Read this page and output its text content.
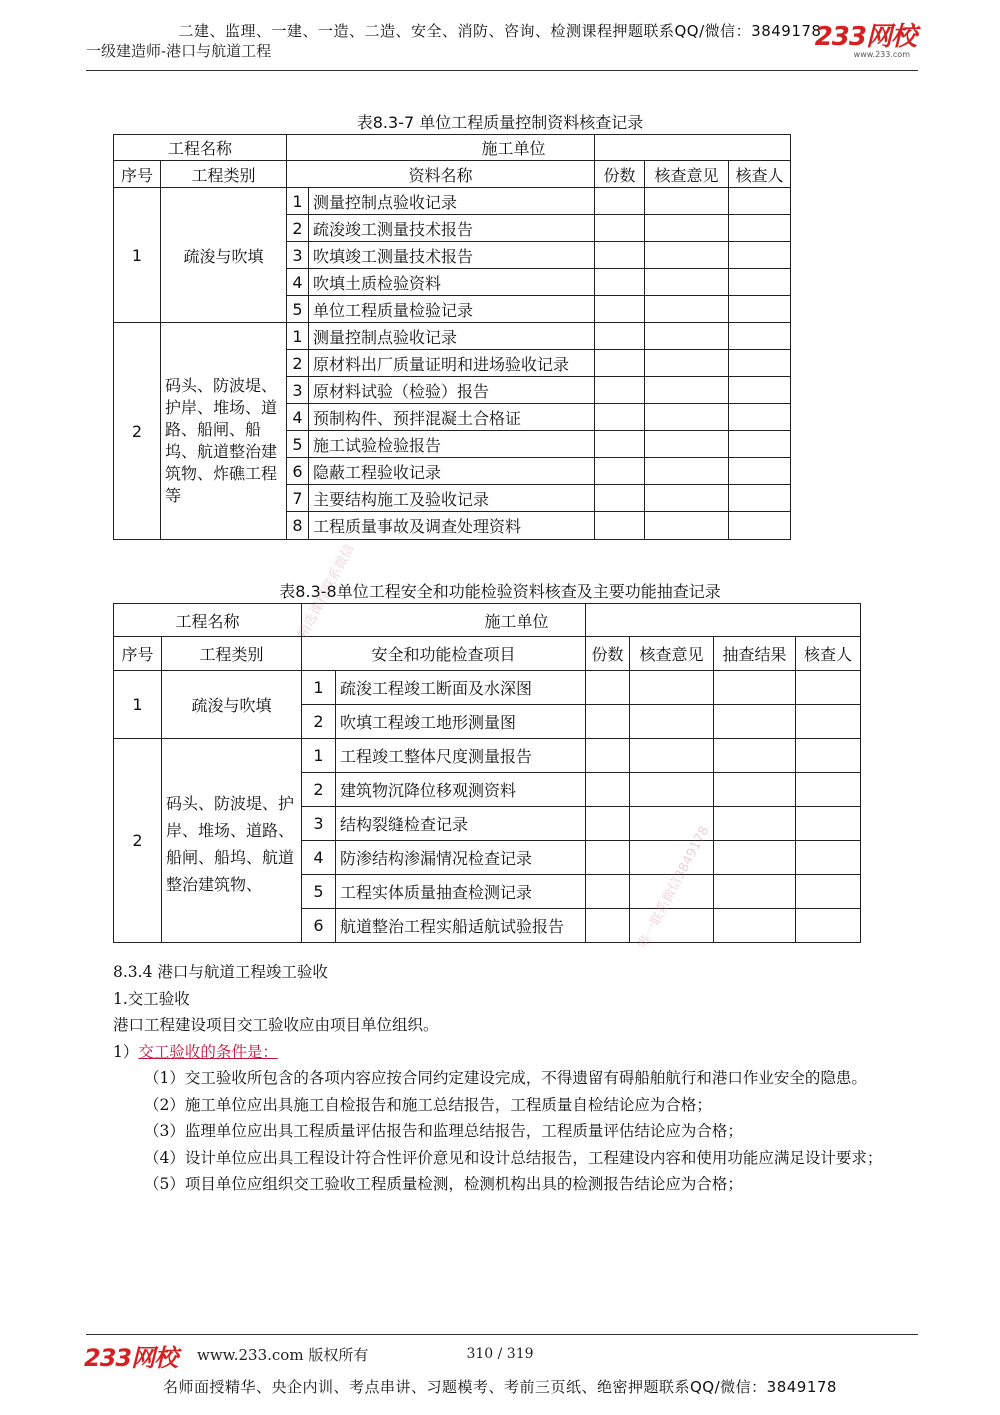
二建、监理、一建、一造、二造、安全、消防、咨询、检测课程押题联系QQ/微信：3849178
一级建造师-港口与航道工程	233网校
www.233.com
表8.3-7 单位工程质量控制资料核查记录
工程名称		施工单位				
序号	工程类别	资料名称		份数	核查意见	核查人
1	疏浚与吹填	1	测量控制点验收记录			
		2	疏浚竣工测量技术报告			
		3	吹填竣工测量技术报告			
		4	吹填土质检验资料			
		5	单位工程质量检验记录			
2	码头、防波堤、护岸、堆场、道路、船闸、船坞、航道整治建筑物、炸礁工程等	1	测量控制点验收记录			
		2	原材料出厂质量证明和进场验收记录			
		3	原材料试验（检验）报告			
		4	预制构件、预拌混凝土合格证			
		5	施工试验检验报告			
		6	隐蔽工程验收记录			
		7	主要结构施工及验收记录			
		8	工程质量事故及调查处理资料			
表8.3-8单位工程安全和功能检验资料核查及主要功能抽查记录
工程名称		施工单位					
序号	工程类别	安全和功能检查项目		份数	核查意见	抽查结果	核查人
1	疏浚与吹填	1	疏浚工程竣工断面及水深图				
		2	吹填工程竣工地形测量图				
2	码头、防波堤、护岸、堆场、道路、船闸、船坞、航道整治建筑物、	1	工程竣工整体尺度测量报告				
		2	建筑物沉降位移观测资料				
		3	结构裂缝检查记录				
		4	防渗结构渗漏情况检查记录				
		5	工程实体质量抽查检测记录				
		6	航道整治工程实船适航试验报告				
精选课程联系微信
唯一联系微信3849178

8.3.4 港口与航道工程竣工验收

1.交工验收

港口工程建设项目交工验收应由项目单位组织。

1）交工验收的条件是：

（1）交工验收所包含的各项内容应按合同约定建设完成，不得遗留有碍船舶航行和港口作业安全的隐患。

（2）施工单位应出具施工自检报告和施工总结报告，工程质量自检结论应为合格；

（3）监理单位应出具工程质量评估报告和监理总结报告，工程质量评估结论应为合格；

（4）设计单位应出具工程设计符合性评价意见和设计总结报告，工程建设内容和使用功能应满足设计要求；

（5）项目单位应组织交工验收工程质量检测，检测机构出具的检测报告结论应为合格；

233网校 www.233.com 版权所有	310 / 319
名师面授精华、央企内训、考点串讲、习题模考、考前三页纸、绝密押题联系QQ/微信：3849178
